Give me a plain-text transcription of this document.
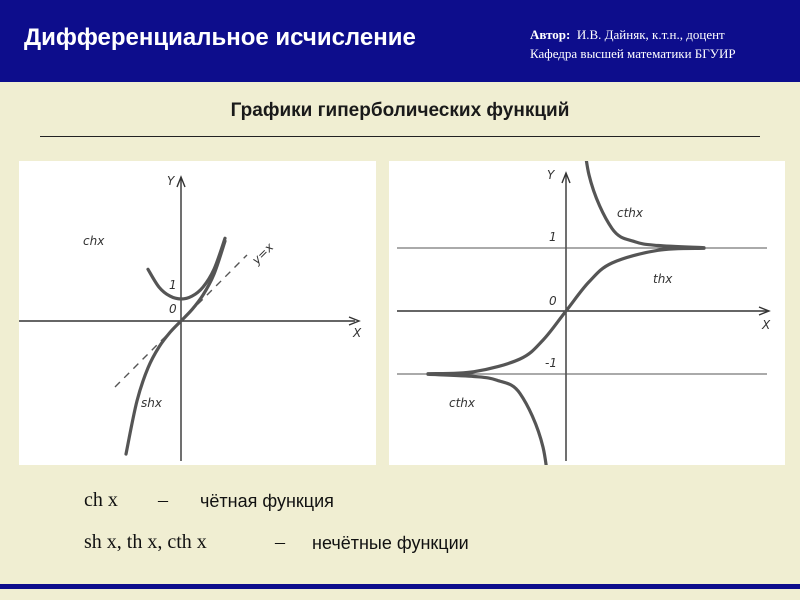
Дифференциальное исчисление	Автор: И.В. Дайняк, к.т.н., доцент
Кафедра высшей математики БГУИР
Графики гиперболических функций
Y
X
1
0
chx
shx
y=x
Y
X
1
0
-1
cthx
thx
cthx
ch x – чётная функция
sh x, th x, cth x	– нечётные функции
